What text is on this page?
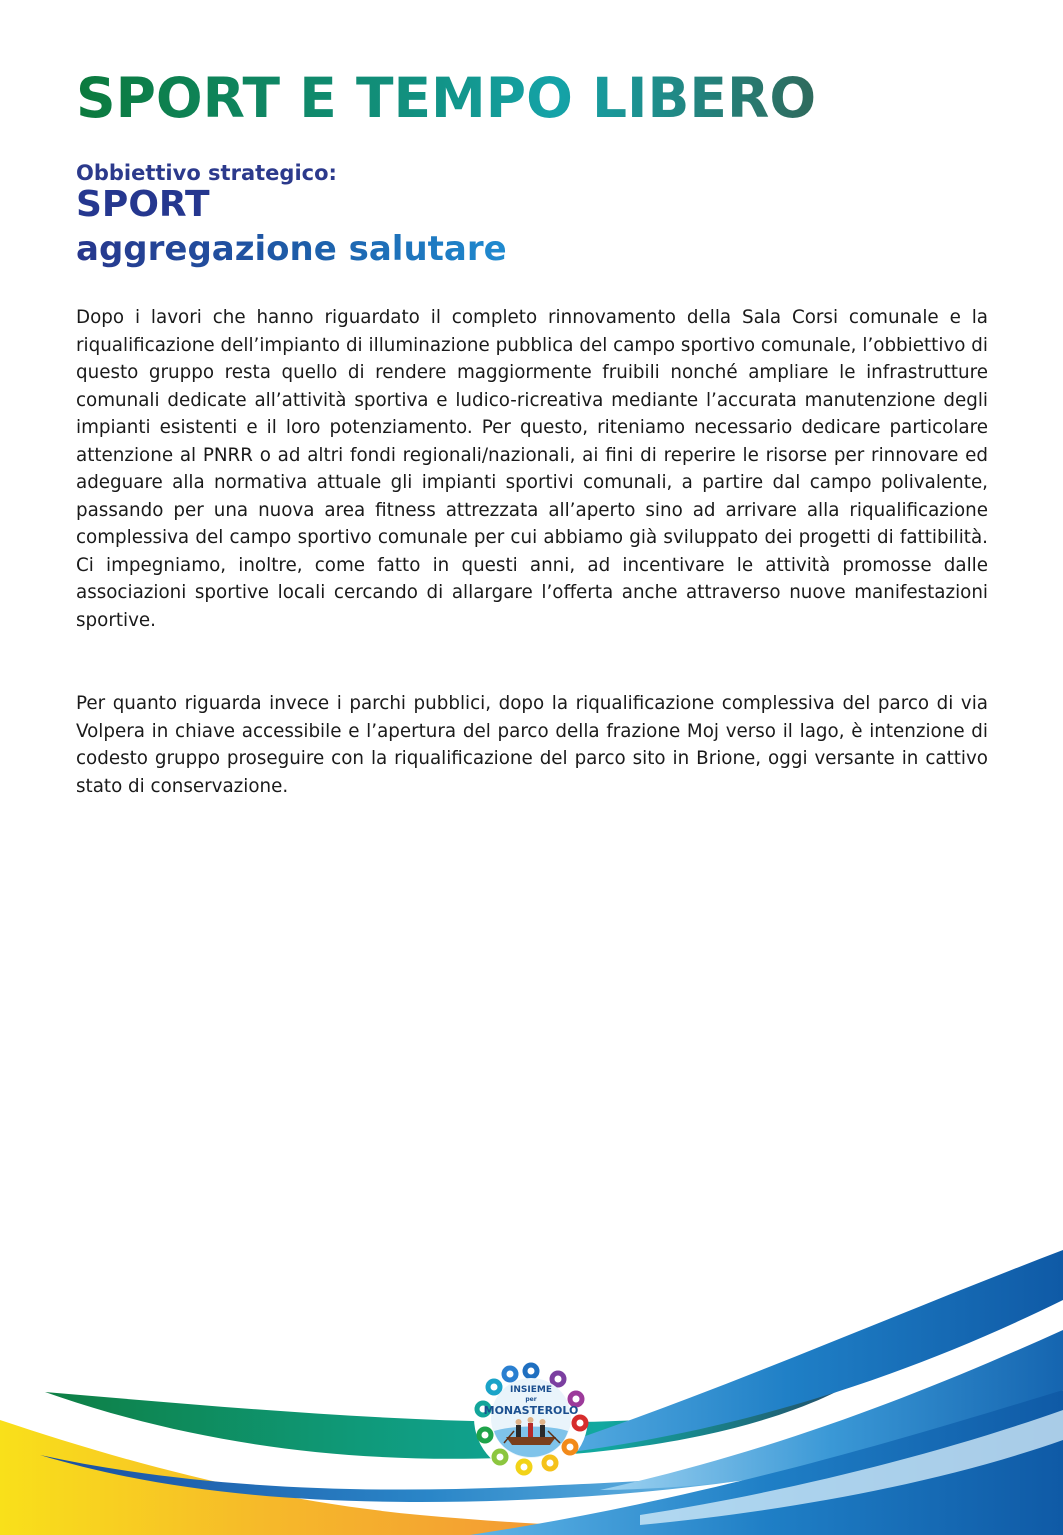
SPORT E TEMPO LIBERO
Obbiettivo strategico:
SPORT
aggregazione salutare

Dopo i lavori che hanno riguardato il completo rinnovamento della Sala Corsi comunale e la riqualificazione dell’impianto di illuminazione pubblica del campo sportivo comunale, l’obbiettivo di questo gruppo resta quello di rendere maggiormente fruibili nonché ampliare le infrastrutture comunali dedicate all’attività sportiva e ludico-ricreativa mediante l’accurata manutenzione degli impianti esistenti e il loro potenziamento. Per questo, riteniamo necessario dedicare particolare attenzione al PNRR o ad altri fondi regionali/nazionali, ai fini di reperire le risorse per rinnovare ed adeguare alla normativa attuale gli impianti sportivi comunali, a partire dal campo polivalente, passando per una nuova area fitness attrezzata all’aperto sino ad arrivare alla riqualificazione complessiva del campo sportivo comunale per cui abbiamo già sviluppato dei progetti di fattibilità. Ci impegniamo, inoltre, come fatto in questi anni, ad incentivare le attività promosse dalle associazioni sportive locali cercando di allargare l’offerta anche attraverso nuove manifestazioni sportive.

Per quanto riguarda invece i parchi pubblici, dopo la riqualificazione complessiva del parco di via Volpera in chiave accessibile e l’apertura del parco della frazione Moj verso il lago, è intenzione di codesto gruppo proseguire con la riqualificazione del parco sito in Brione, oggi versante in cattivo stato di conservazione.

INSIEME
per
MONASTEROLO
